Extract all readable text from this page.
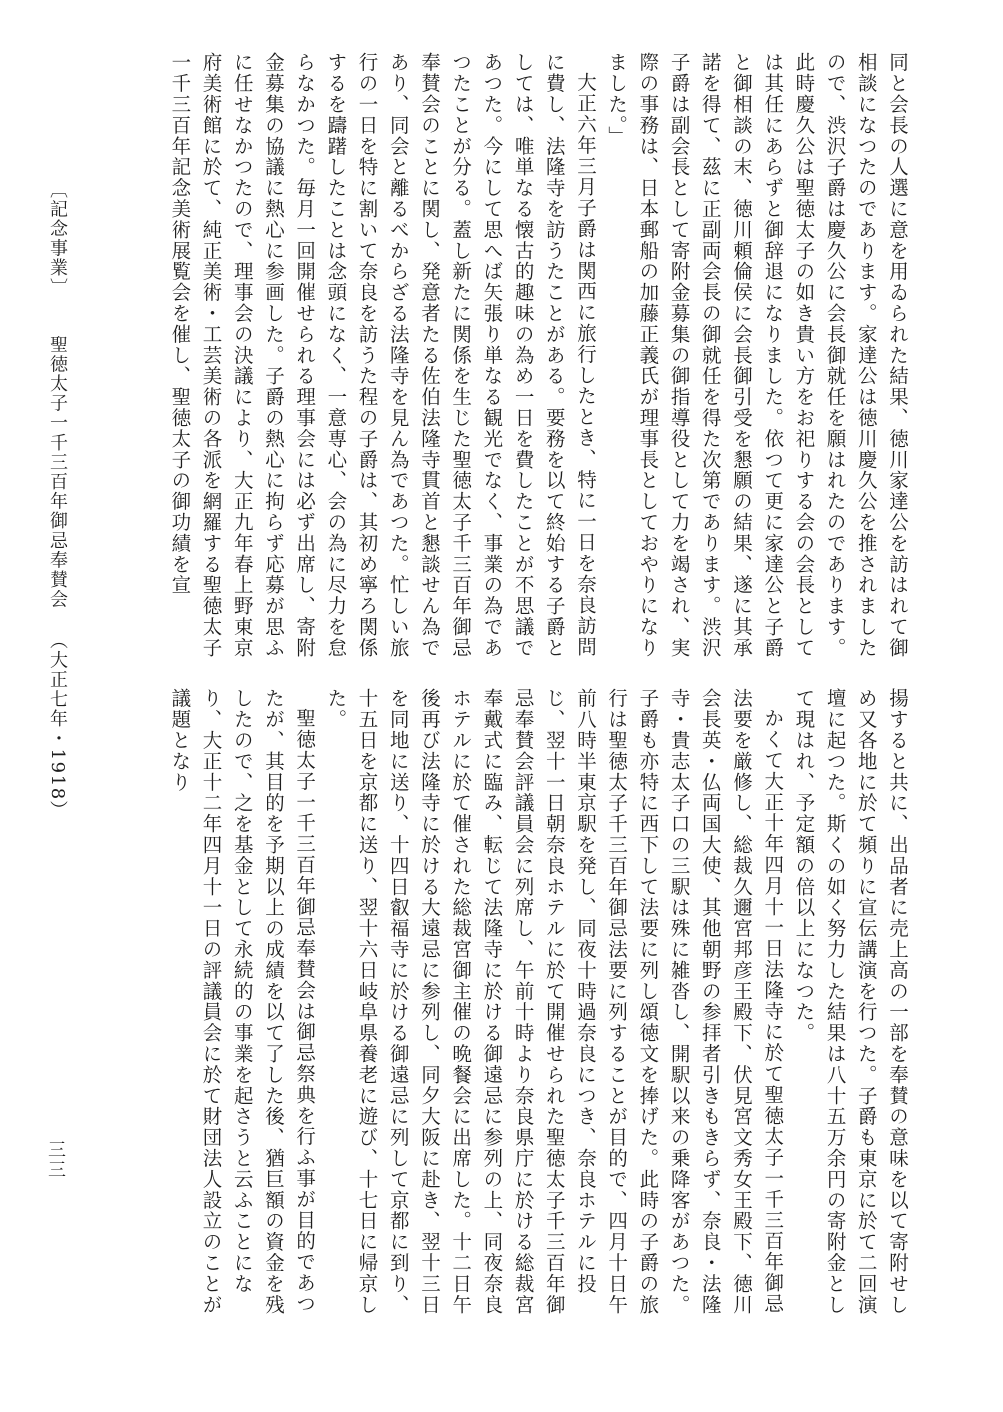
同と会長の人選に意を用ゐられた結果、徳川家達公を訪はれて御相談になつたのであります。家達公は徳川慶久公を推されましたので、渋沢子爵は慶久公に会長御就任を願はれたのであります。此時慶久公は聖徳太子の如き貴い方をお祀りする会の会長としては其任にあらずと御辞退になりました。依つて更に家達公と子爵と御相談の末、徳川頼倫侯に会長御引受を懇願の結果、遂に其承諾を得て、茲に正副両会長の御就任を得た次第であります。渋沢子爵は副会長として寄附金募集の御指導役として力を竭され、実際の事務は、日本郵船の加藤正義氏が理事長としておやりになりました。」

大正六年三月子爵は関西に旅行したとき、特に一日を奈良訪問に費し、法隆寺を訪うたことがある。要務を以て終始する子爵としては、唯単なる懐古的趣味の為め一日を費したことが不思議であつた。今にして思へば矢張り単なる観光でなく、事業の為であつたことが分る。蓋し新たに関係を生じた聖徳太子千三百年御忌奉賛会のことに関し、発意者たる佐伯法隆寺貫首と懇談せん為であり、同会と離るべからざる法隆寺を見ん為であつた。忙しい旅行の一日を特に割いて奈良を訪うた程の子爵は、其初め寧ろ関係するを躊躇したことは念頭になく、一意専心、会の為に尽力を怠らなかつた。毎月一回開催せられる理事会には必ず出席し、寄附金募集の協議に熱心に参画した。子爵の熱心に拘らず応募が思ふに任せなかつたので、理事会の決議により、大正九年春上野東京府美術館に於て、純正美術・工芸美術の各派を網羅する聖徳太子一千三百年記念美術展覧会を催し、聖徳太子の御功績を宣

揚すると共に、出品者に売上高の一部を奉賛の意味を以て寄附せしめ又各地に於て頻りに宣伝講演を行つた。子爵も東京に於て二回演壇に起つた。斯くの如く努力した結果は八十五万余円の寄附金として現はれ、予定額の倍以上になつた。

かくて大正十年四月十一日法隆寺に於て聖徳太子一千三百年御忌法要を厳修し、総裁久邇宮邦彦王殿下、伏見宮文秀女王殿下、徳川会長英・仏両国大使、其他朝野の参拝者引きもきらず、奈良・法隆寺・貴志太子口の三駅は殊に雑沓し、開駅以来の乗降客があつた。子爵も亦特に西下して法要に列し頌徳文を捧げた。此時の子爵の旅行は聖徳太子千三百年御忌法要に列することが目的で、四月十日午前八時半東京駅を発し、同夜十時過奈良につき、奈良ホテルに投じ、翌十一日朝奈良ホテルに於て開催せられた聖徳太子千三百年御忌奉賛会評議員会に列席し、午前十時より奈良県庁に於ける総裁宮奉戴式に臨み、転じて法隆寺に於ける御遠忌に参列の上、同夜奈良ホテルに於て催された総裁宮御主催の晩餐会に出席した。十二日午後再び法隆寺に於ける大遠忌に参列し、同夕大阪に赴き、翌十三日を同地に送り、十四日叡福寺に於ける御遠忌に列して京都に到り、十五日を京都に送り、翌十六日岐阜県養老に遊び、十七日に帰京した。

聖徳太子一千三百年御忌奉賛会は御忌祭典を行ふ事が目的であつたが、其目的を予期以上の成績を以て了した後、猶巨額の資金を残したので、之を基金として永続的の事業を起さうと云ふことになり、大正十二年四月十一日の評議員会に於て財団法人設立のことが議題となり

〔記念事業〕 聖徳太子一千三百年御忌奉賛会 （大正七年・1918）
三三
